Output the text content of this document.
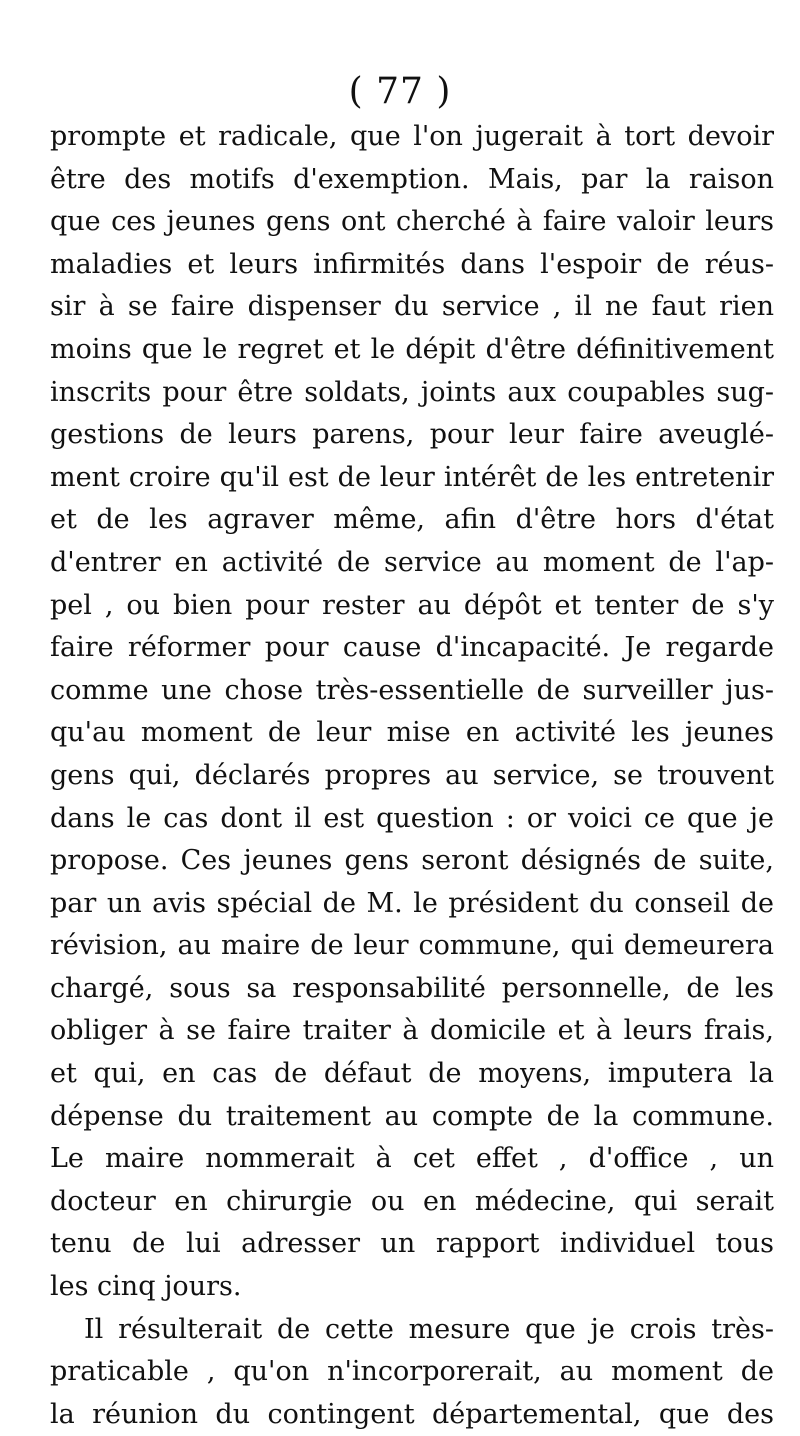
( 77 )
prompte et radicale, que l'on jugerait à tort devoir
être des motifs d'exemption. Mais, par la raison
que ces jeunes gens ont cherché à faire valoir leurs
maladies et leurs infirmités dans l'espoir de réus-
sir à se faire dispenser du service , il ne faut rien
moins que le regret et le dépit d'être définitivement
inscrits pour être soldats, joints aux coupables sug-
gestions de leurs parens, pour leur faire aveuglé-
ment croire qu'il est de leur intérêt de les entretenir
et de les agraver même, afin d'être hors d'état
d'entrer en activité de service au moment de l'ap-
pel , ou bien pour rester au dépôt et tenter de s'y
faire réformer pour cause d'incapacité. Je regarde
comme une chose très-essentielle de surveiller jus-
qu'au moment de leur mise en activité les jeunes
gens qui, déclarés propres au service, se trouvent
dans le cas dont il est question : or voici ce que je
propose. Ces jeunes gens seront désignés de suite,
par un avis spécial de M. le président du conseil de
révision, au maire de leur commune, qui demeurera
chargé, sous sa responsabilité personnelle, de les
obliger à se faire traiter à domicile et à leurs frais,
et qui, en cas de défaut de moyens, imputera la
dépense du traitement au compte de la commune.
Le maire nommerait à cet effet , d'office , un
docteur en chirurgie ou en médecine, qui serait
tenu de lui adresser un rapport individuel tous
les cinq jours.
Il résulterait de cette mesure que je crois très-
praticable , qu'on n'incorporerait, au moment de
la réunion du contingent départemental, que des
